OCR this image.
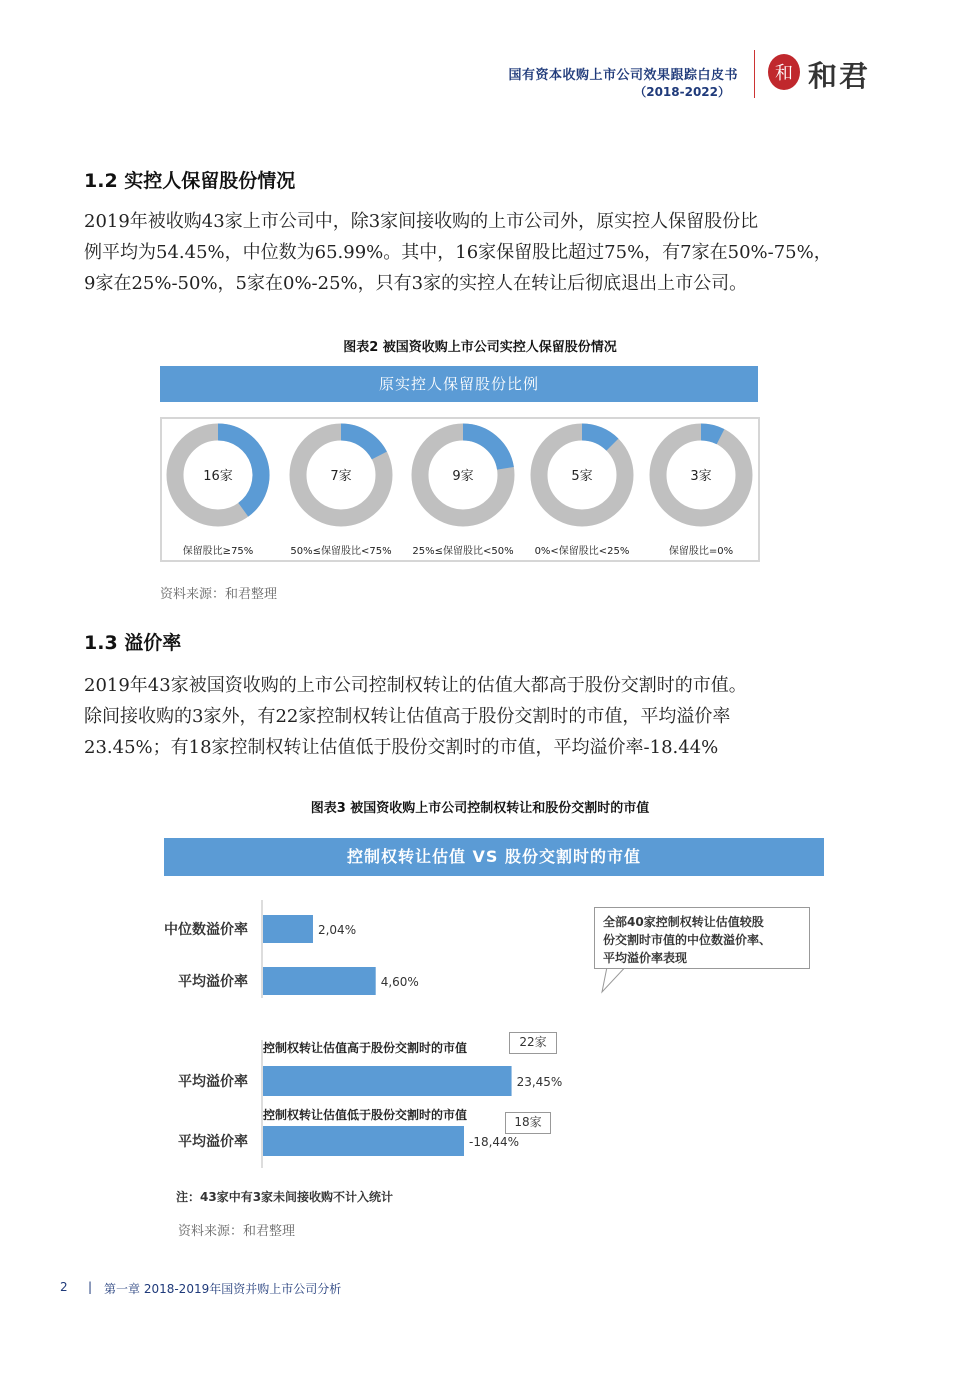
国有资本收购上市公司效果跟踪白皮书
（2018-2022）
和 和君
1.2 实控人保留股份情况
2019年被收购43家上市公司中，除3家间接收购的上市公司外，原实控人保留股份比
例平均为54.45%，中位数为65.99%。其中，16家保留股比超过75%，有7家在50%-75%，
9家在25%-50%，5家在0%-25%，只有3家的实控人在转让后彻底退出上市公司。
图表2 被国资收购上市公司实控人保留股份情况
原实控人保留股份比例
16家
保留股比≥75%
7家
50%≤保留股比<75%
9家
25%≤保留股比<50%
5家
0%<保留股比<25%
3家
保留股比=0%
资料来源：和君整理
1.3 溢价率
2019年43家被国资收购的上市公司控制权转让的估值大都高于股份交割时的市值。
除间接收购的3家外，有22家控制权转让估值高于股份交割时的市值，平均溢价率
23.45%；有18家控制权转让估值低于股份交割时的市值，平均溢价率-18.44%
图表3 被国资收购上市公司控制权转让和股份交割时的市值
控制权转让估值 VS 股份交割时的市值
2,04%
中位数溢价率
4,60%
平均溢价率
23,45%
平均溢价率
-18,44%
平均溢价率
控制权转让估值高于股份交割时的市值	22家
控制权转让估值低于股份交割时的市值	18家
全部40家控制权转让估值较股
份交割时市值的中位数溢价率、
平均溢价率表现
注：43家中有3家未间接收购不计入统计
资料来源：和君整理
2 | 第一章 2018-2019年国资并购上市公司分析
